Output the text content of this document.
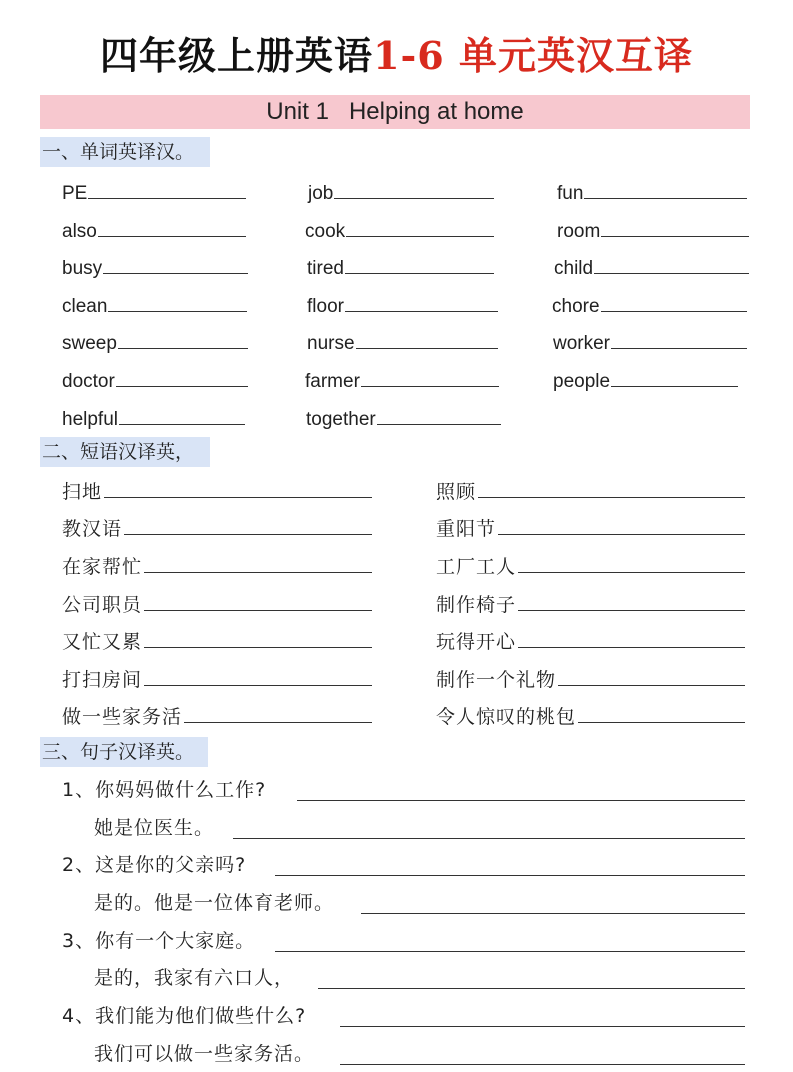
四年级上册英语1-6 单元英汉互译
Unit 1   Helping at home
一、单词英译汉。
PE	job	fun
also	cook	room
busy	tired	child
clean	floor	chore
sweep	nurse	worker
doctor	farmer	people
helpful	together
二、短语汉译英，
扫地	照顾
教汉语	重阳节
在家帮忙	工厂工人
公司职员	制作椅子
又忙又累	玩得开心
打扫房间	制作一个礼物
做一些家务活	令人惊叹的桃包
三、句子汉译英。
1、你妈妈做什么工作?
她是位医生。
2、这是你的父亲吗?
是的。他是一位体育老师。
3、你有一个大家庭。
是的，我家有六口人，
4、我们能为他们做些什么?
我们可以做一些家务活。
